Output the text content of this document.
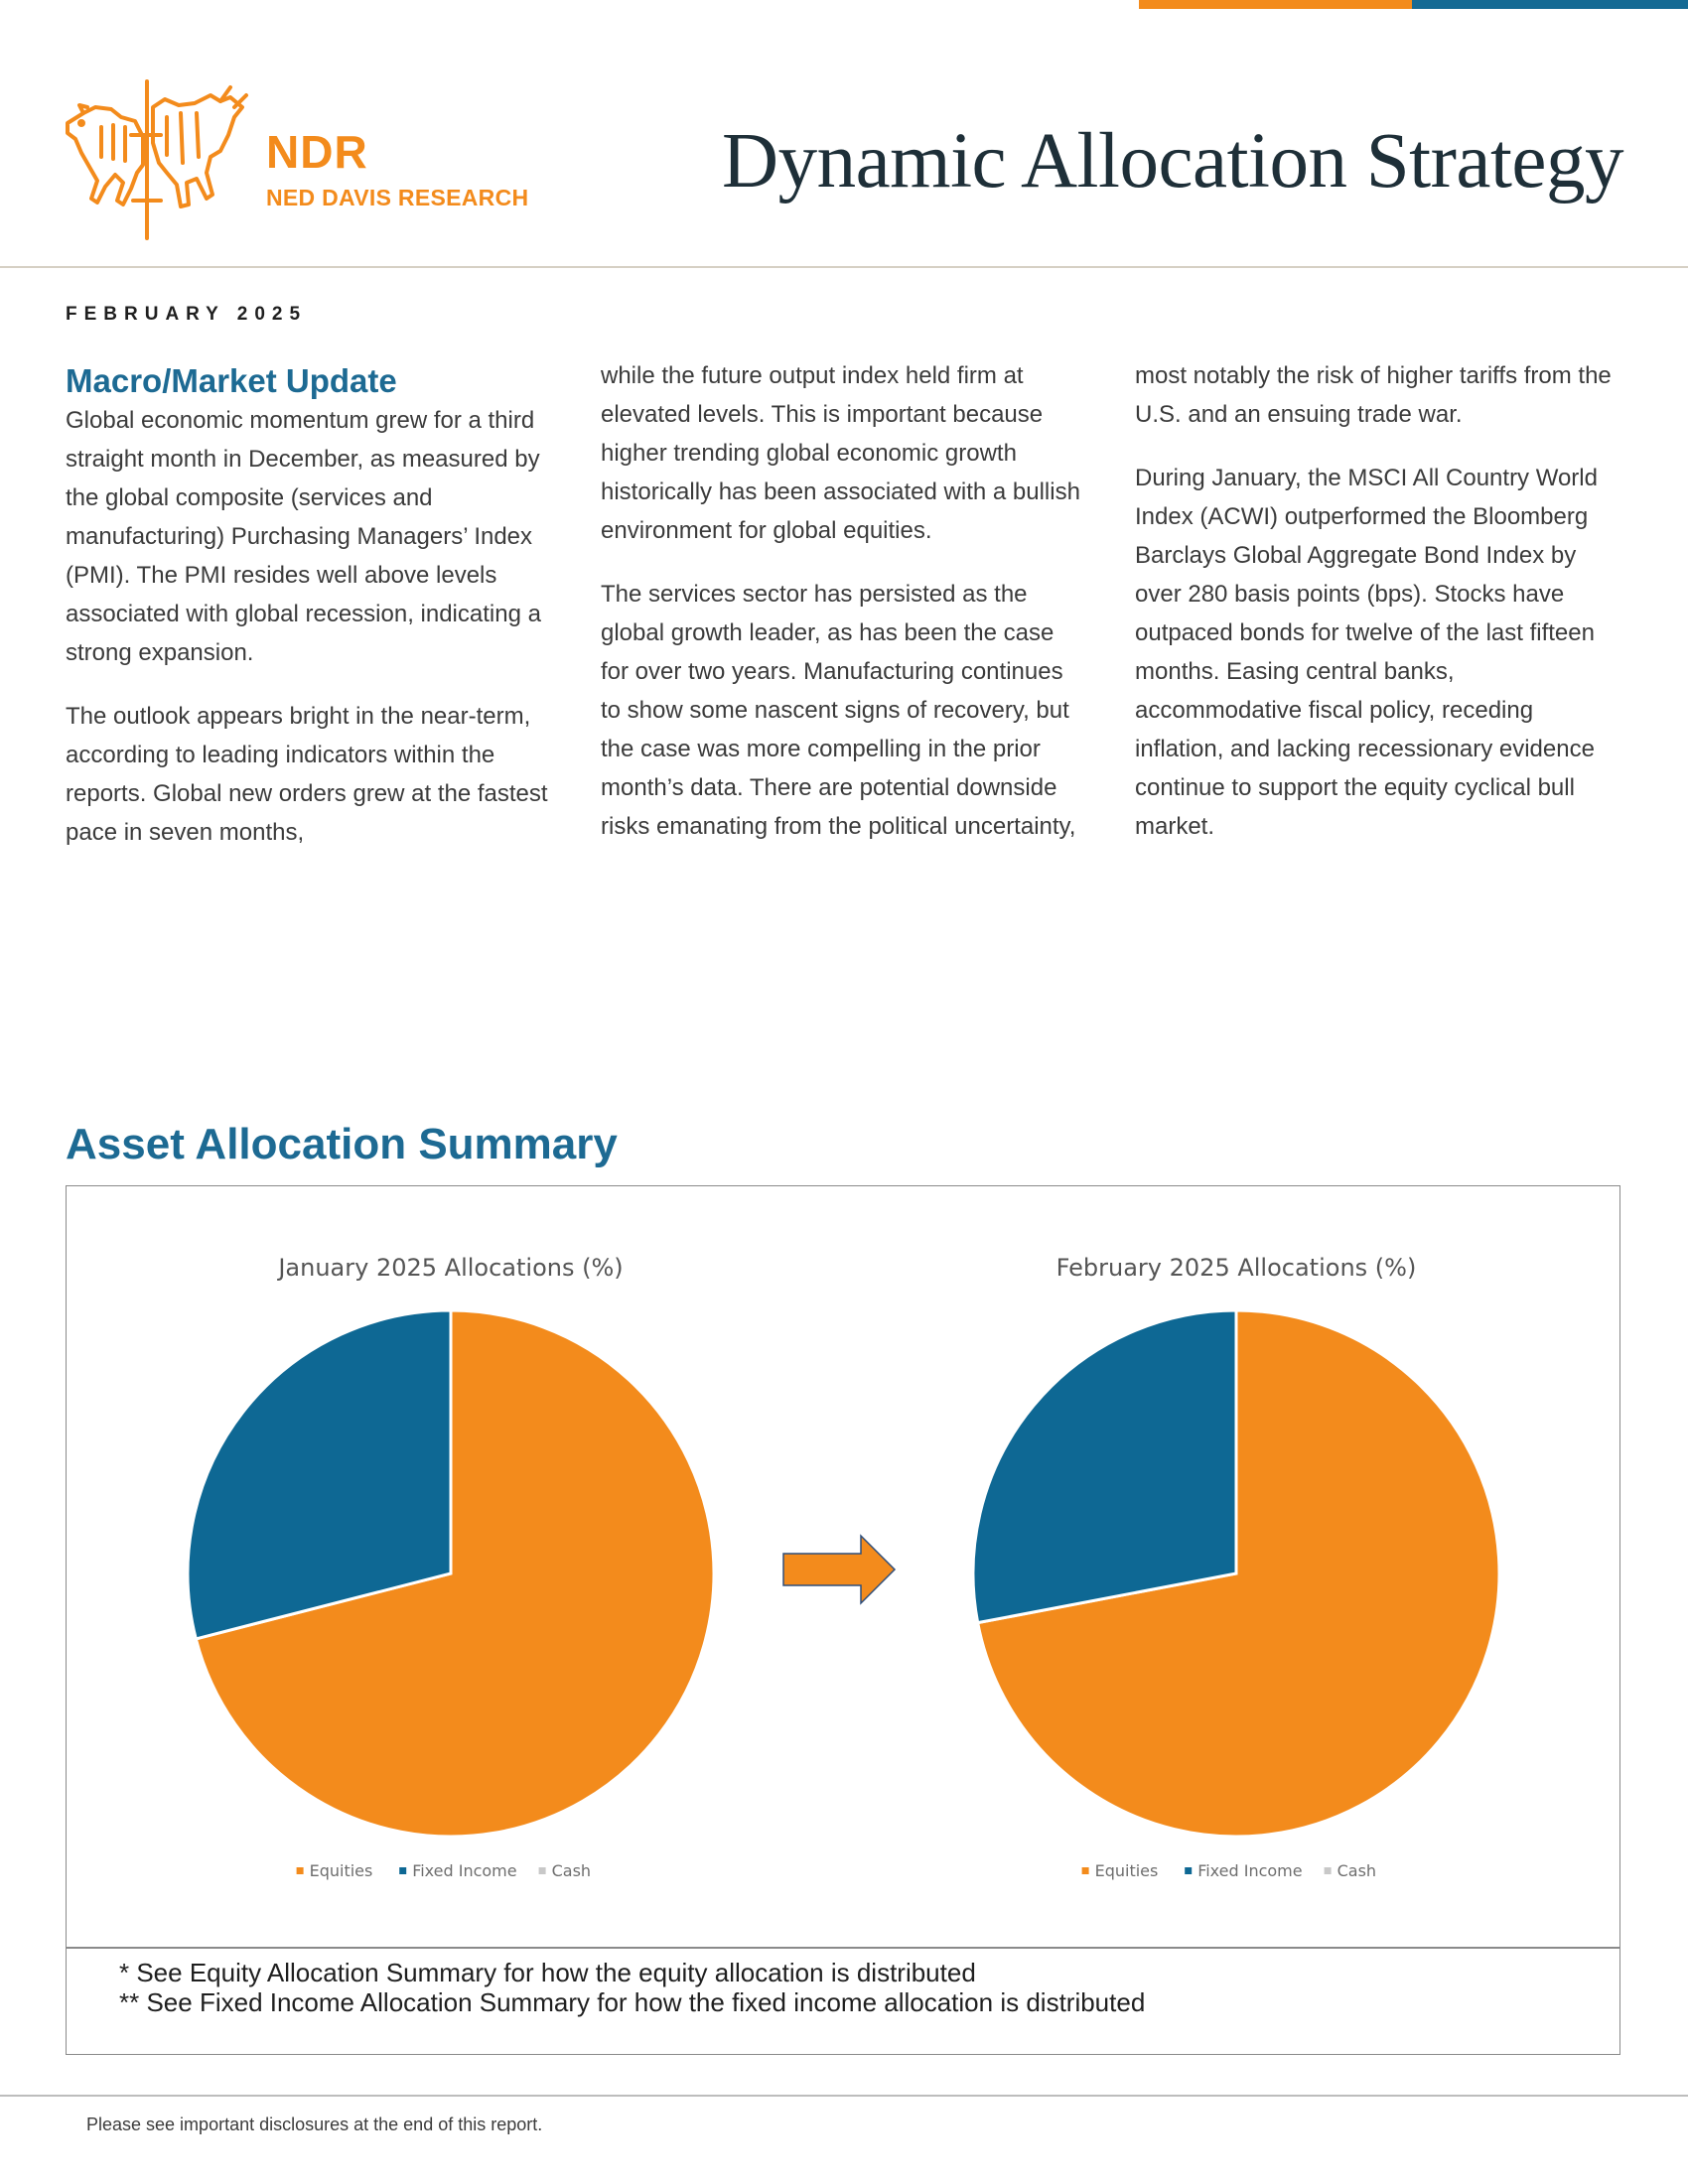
NDR
NED DAVIS RESEARCH Dynamic Allocation Strategy
FEBRUARY 2025
Macro/Market Update

Global economic momentum grew for a third straight month in December, as measured by the global composite (services and manufacturing) Purchasing Managers’ Index (PMI). The PMI resides well above levels associated with global recession, indicating a strong expansion.

The outlook appears bright in the near-term, according to leading indicators within the reports. Global new orders grew at the fastest pace in seven months,

while the future output index held firm at elevated levels. This is important because higher trending global economic growth historically has been associated with a bullish environment for global equities.

The services sector has persisted as the global growth leader, as has been the case for over two years. Manufacturing continues to show some nascent signs of recovery, but the case was more compelling in the prior month’s data. There are potential downside risks emanating from the political uncertainty,

most notably the risk of higher tariffs from the U.S. and an ensuing trade war.

During January, the MSCI All Country World Index (ACWI) outperformed the Bloomberg Barclays Global Aggregate Bond Index by over 280 basis points (bps). Stocks have outpaced bonds for twelve of the last fifteen months. Easing central banks, accommodative fiscal policy, receding inflation, and lacking recessionary evidence continue to support the equity cyclical bull market.

Asset Allocation Summary
January 2025 Allocations (%)
Equities Fixed Income Cash
February 2025 Allocations (%)
Equities Fixed Income Cash
* See Equity Allocation Summary for how the equity allocation is distributed
** See Fixed Income Allocation Summary for how the fixed income allocation is distributed
Please see important disclosures at the end of this report.
